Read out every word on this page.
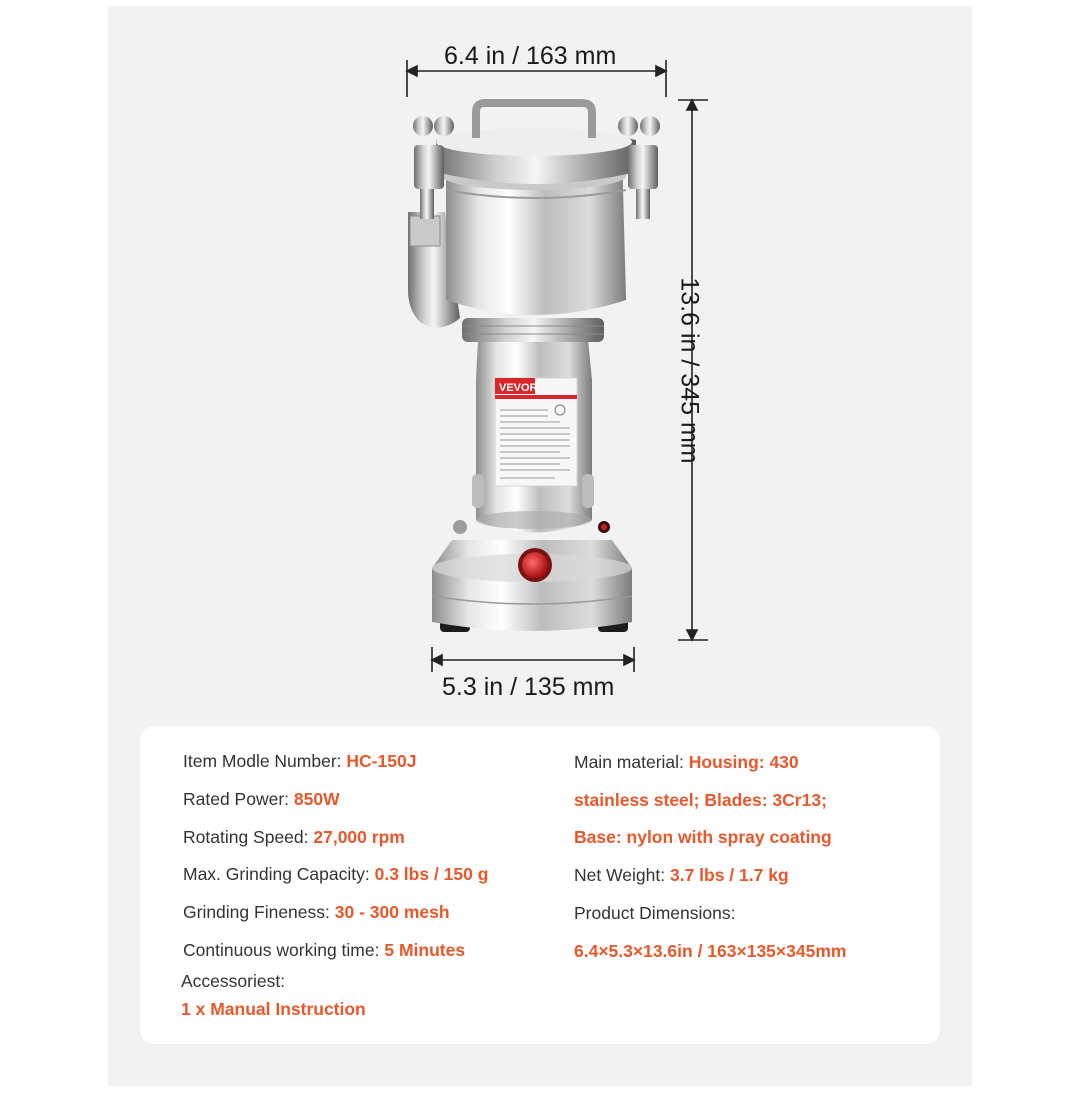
VEVOR
6.4 in / 163 mm
13.6 in / 345 mm
5.3 in / 135 mm
Item Modle Number: HC-150J
Rated Power: 850W
Rotating Speed: 27,000 rpm
Max. Grinding Capacity: 0.3 lbs / 150 g
Grinding Fineness: 30 - 300 mesh
Continuous working time: 5 Minutes
Accessoriest:
1 x Manual Instruction
Main material: Housing: 430
stainless steel; Blades: 3Cr13;
Base: nylon with spray coating
Net Weight: 3.7 lbs / 1.7 kg
Product Dimensions:
6.4×5.3×13.6in / 163×135×345mm
